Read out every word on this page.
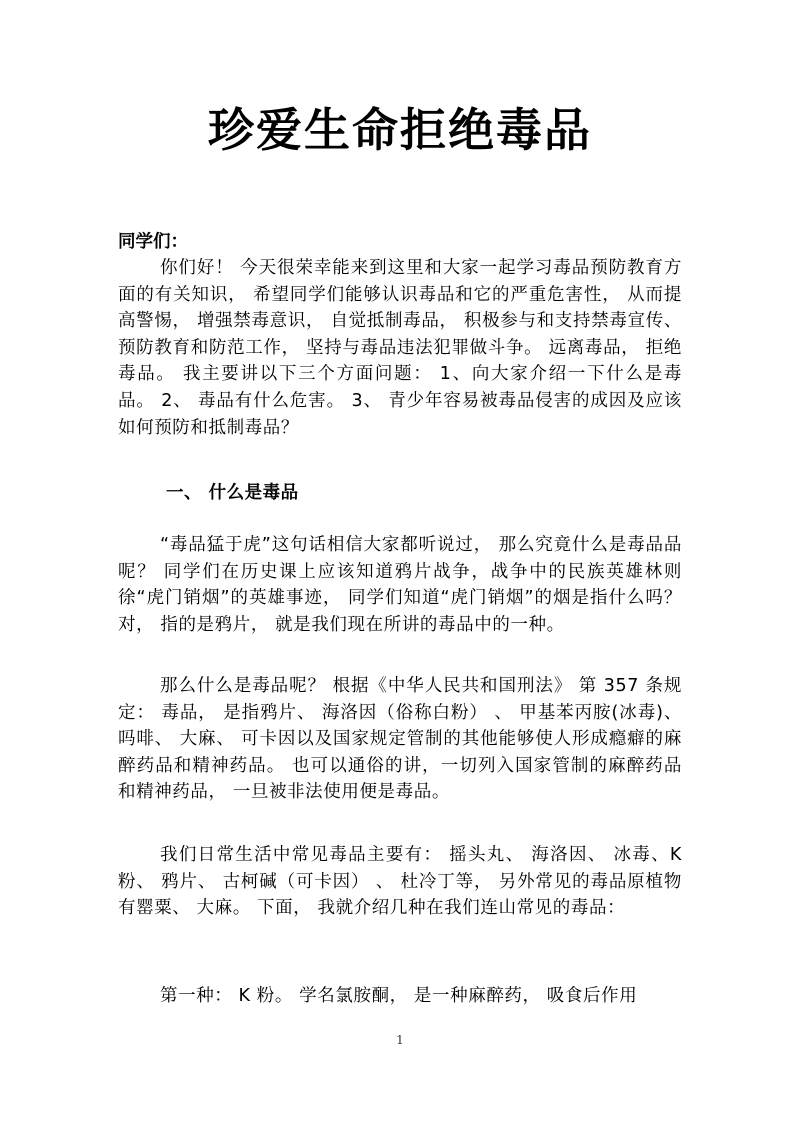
珍爱生命拒绝毒品
同学们：
你们好！ 今天很荣幸能来到这里和大家一起学习毒品预防教育方面的有关知识， 希望同学们能够认识毒品和它的严重危害性， 从而提高警惕， 增强禁毒意识， 自觉抵制毒品， 积极参与和支持禁毒宣传、 预防教育和防范工作， 坚持与毒品违法犯罪做斗争。 远离毒品， 拒绝毒品。 我主要讲以下三个方面问题： 1、向大家介绍一下什么是毒品。 2、 毒品有什么危害。 3、 青少年容易被毒品侵害的成因及应该如何预防和抵制毒品？
一、 什么是毒品
“毒品猛于虎”这句话相信大家都听说过， 那么究竟什么是毒品品呢？ 同学们在历史课上应该知道鸦片战争，战争中的民族英雄林则徐“虎门销烟”的英雄事迹， 同学们知道“虎门销烟”的烟是指什么吗？ 对， 指的是鸦片， 就是我们现在所讲的毒品中的一种。
那么什么是毒品呢？ 根据《中华人民共和国刑法》 第 357 条规定： 毒品， 是指鸦片、 海洛因（俗称白粉） 、 甲基苯丙胺(冰毒)、 吗啡、 大麻、 可卡因以及国家规定管制的其他能够使人形成瘾癖的麻醉药品和精神药品。 也可以通俗的讲，一切列入国家管制的麻醉药品和精神药品， 一旦被非法使用便是毒品。
我们日常生活中常见毒品主要有： 摇头丸、 海洛因、 冰毒、K 粉、 鸦片、 古柯碱（可卡因） 、 杜冷丁等， 另外常见的毒品原植物有罂粟、 大麻。 下面， 我就介绍几种在我们连山常见的毒品：
第一种： K 粉。 学名氯胺酮， 是一种麻醉药， 吸食后作用
1
